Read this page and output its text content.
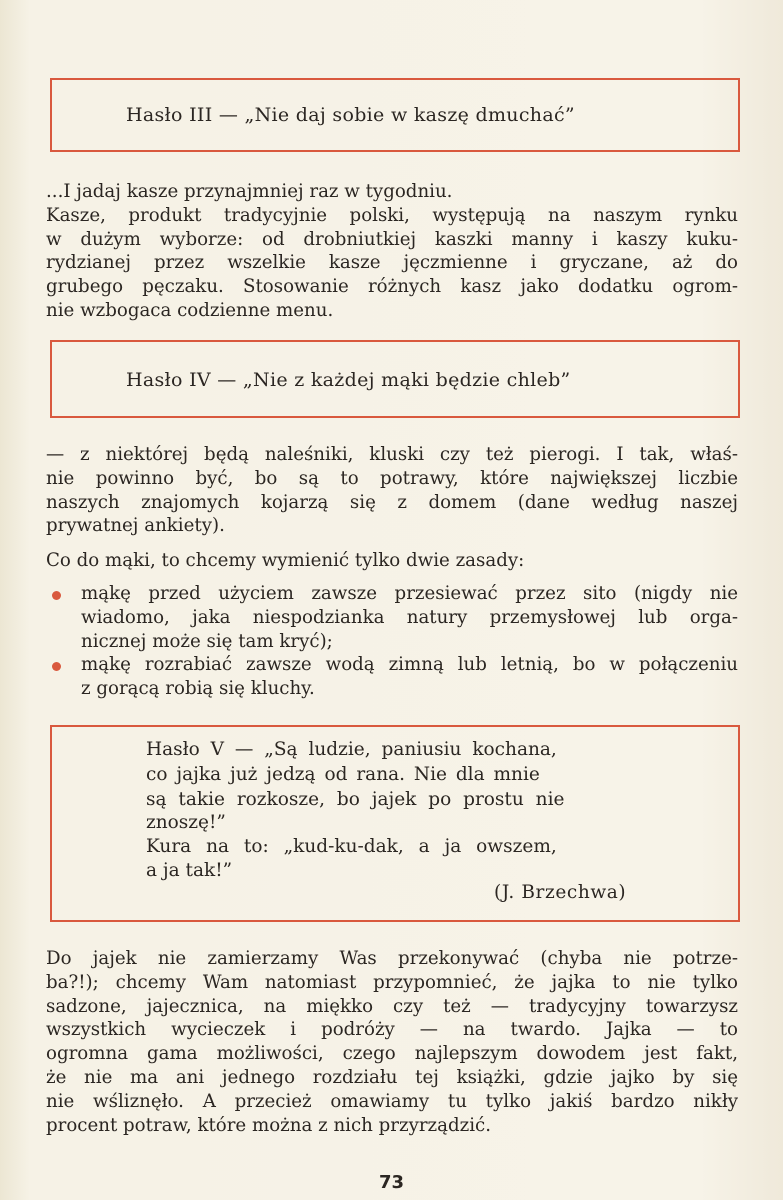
Hasło III — „Nie daj sobie w kaszę dmuchać”
...I jadaj kasze przynajmniej raz w tygodniu.
Kasze, produkt tradycyjnie polski, występują na naszym rynku
w dużym wyborze: od drobniutkiej kaszki manny i kaszy kuku-
rydzianej przez wszelkie kasze jęczmienne i gryczane, aż do
grubego pęczaku. Stosowanie różnych kasz jako dodatku ogrom-
nie wzbogaca codzienne menu.
Hasło IV — „Nie z każdej mąki będzie chleb”
— z niektórej będą naleśniki, kluski czy też pierogi. I tak, właś-
nie powinno być, bo są to potrawy, które największej liczbie
naszych znajomych kojarzą się z domem (dane według naszej
prywatnej ankiety).
Co do mąki, to chcemy wymienić tylko dwie zasady:
mąkę przed użyciem zawsze przesiewać przez sito (nigdy nie
wiadomo, jaka niespodzianka natury przemysłowej lub orga-
nicznej może się tam kryć);
mąkę rozrabiać zawsze wodą zimną lub letnią, bo w połączeniu
z gorącą robią się kluchy.
Hasło V — „Są ludzie, paniusiu kochana,
co jajka już jedzą od rana. Nie dla mnie
są takie rozkosze, bo jajek po prostu nie
znoszę!”
Kura na to: „kud-ku-dak, a ja owszem,
a ja tak!”
(J. Brzechwa)
Do jajek nie zamierzamy Was przekonywać (chyba nie potrze-
ba?!); chcemy Wam natomiast przypomnieć, że jajka to nie tylko
sadzone, jajecznica, na miękko czy też — tradycyjny towarzysz
wszystkich wycieczek i podróży — na twardo. Jajka — to
ogromna gama możliwości, czego najlepszym dowodem jest fakt,
że nie ma ani jednego rozdziału tej książki, gdzie jajko by się
nie wśliznęło. A przecież omawiamy tu tylko jakiś bardzo nikły
procent potraw, które można z nich przyrządzić.
73
